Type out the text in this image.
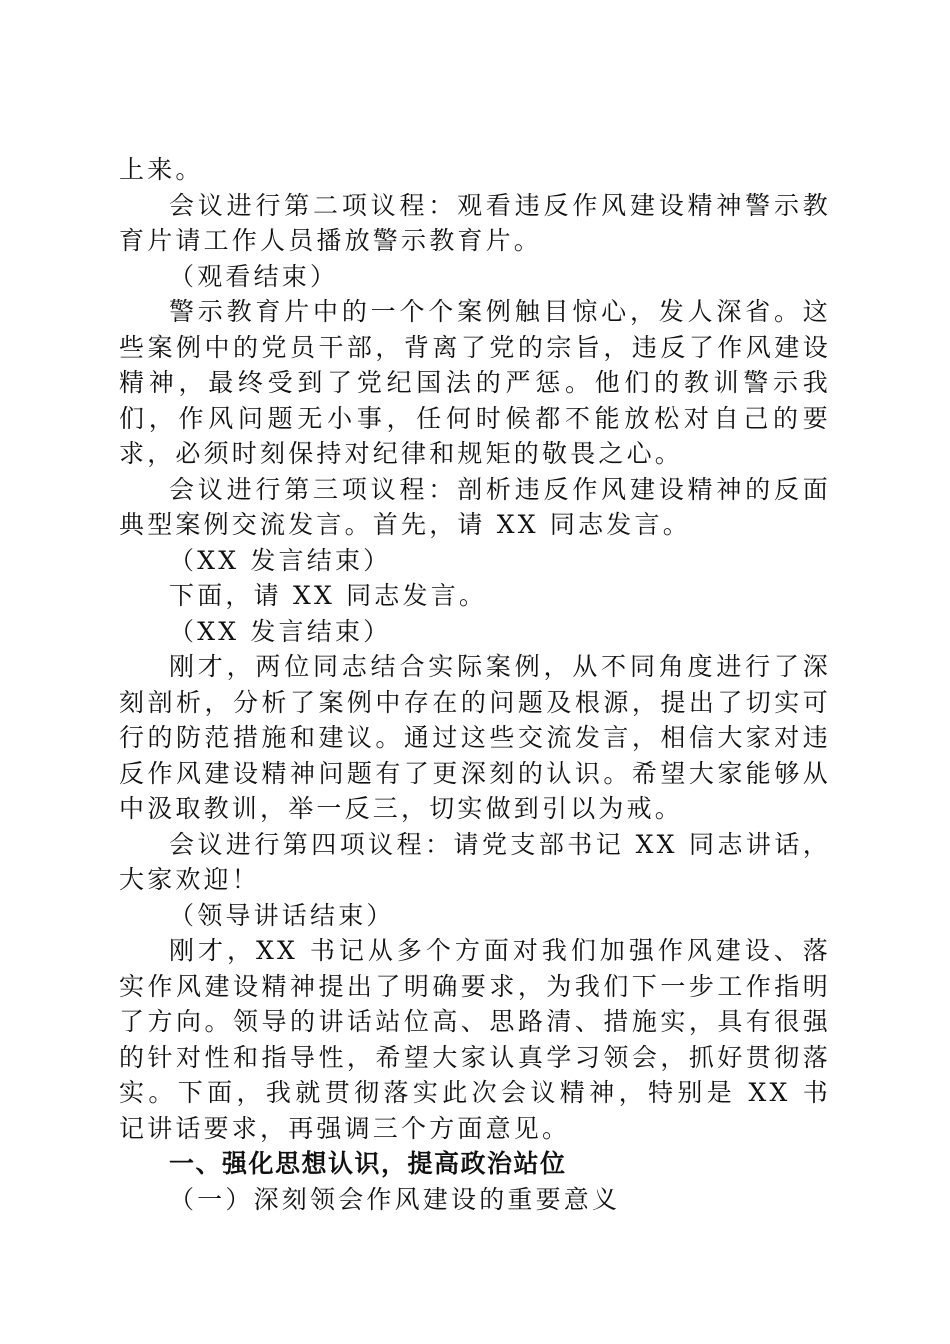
上来。

会议进行第二项议程：观看违反作风建设精神警示教育片请工作人员播放警示教育片。

（观看结束）

警示教育片中的一个个案例触目惊心，发人深省。这些案例中的党员干部，背离了党的宗旨，违反了作风建设精神，最终受到了党纪国法的严惩。他们的教训警示我们，作风问题无小事，任何时候都不能放松对自己的要求，必须时刻保持对纪律和规矩的敬畏之心。

会议进行第三项议程：剖析违反作风建设精神的反面典型案例交流发言。首先，请 XX 同志发言。

（XX 发言结束）

下面，请 XX 同志发言。

（XX 发言结束）

刚才，两位同志结合实际案例，从不同角度进行了深刻剖析，分析了案例中存在的问题及根源，提出了切实可行的防范措施和建议。通过这些交流发言，相信大家对违反作风建设精神问题有了更深刻的认识。希望大家能够从中汲取教训，举一反三，切实做到引以为戒。

会议进行第四项议程：请党支部书记 XX 同志讲话，大家欢迎！

（领导讲话结束）

刚才，XX 书记从多个方面对我们加强作风建设、落实作风建设精神提出了明确要求，为我们下一步工作指明了方向。领导的讲话站位高、思路清、措施实，具有很强的针对性和指导性，希望大家认真学习领会，抓好贯彻落实。下面，我就贯彻落实此次会议精神，特别是 XX 书记讲话要求，再强调三个方面意见。

一、强化思想认识，提高政治站位

（一）深刻领会作风建设的重要意义
